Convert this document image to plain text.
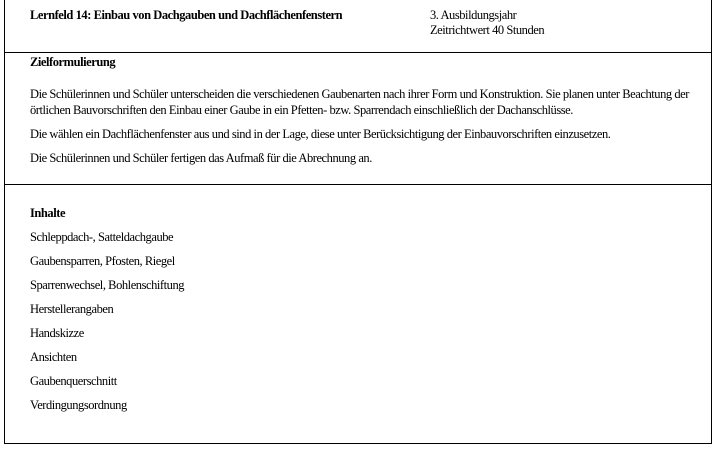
Lernfeld 14: Einbau von Dachgauben und Dachflächenfenstern	3. Ausbildungsjahr
Zeitrichtwert 40 Stunden
Zielformulierung
Die Schülerinnen und Schüler unterscheiden die verschiedenen Gaubenarten nach ihrer Form und Konstruktion. Sie planen unter Beachtung der örtlichen Bauvorschriften den Einbau einer Gaube in ein Pfetten- bzw. Sparrendach einschließlich der Dachanschlüsse.
Die wählen ein Dachflächenfenster aus und sind in der Lage, diese unter Berücksichtigung der Einbauvorschriften einzusetzen.
Die Schülerinnen und Schüler fertigen das Aufmaß für die Abrechnung an.
Inhalte
Schleppdach-, Satteldachgaube
Gaubensparren, Pfosten, Riegel
Sparrenwechsel, Bohlenschiftung
Herstellerangaben
Handskizze
Ansichten
Gaubenquerschnitt
Verdingungsordnung
